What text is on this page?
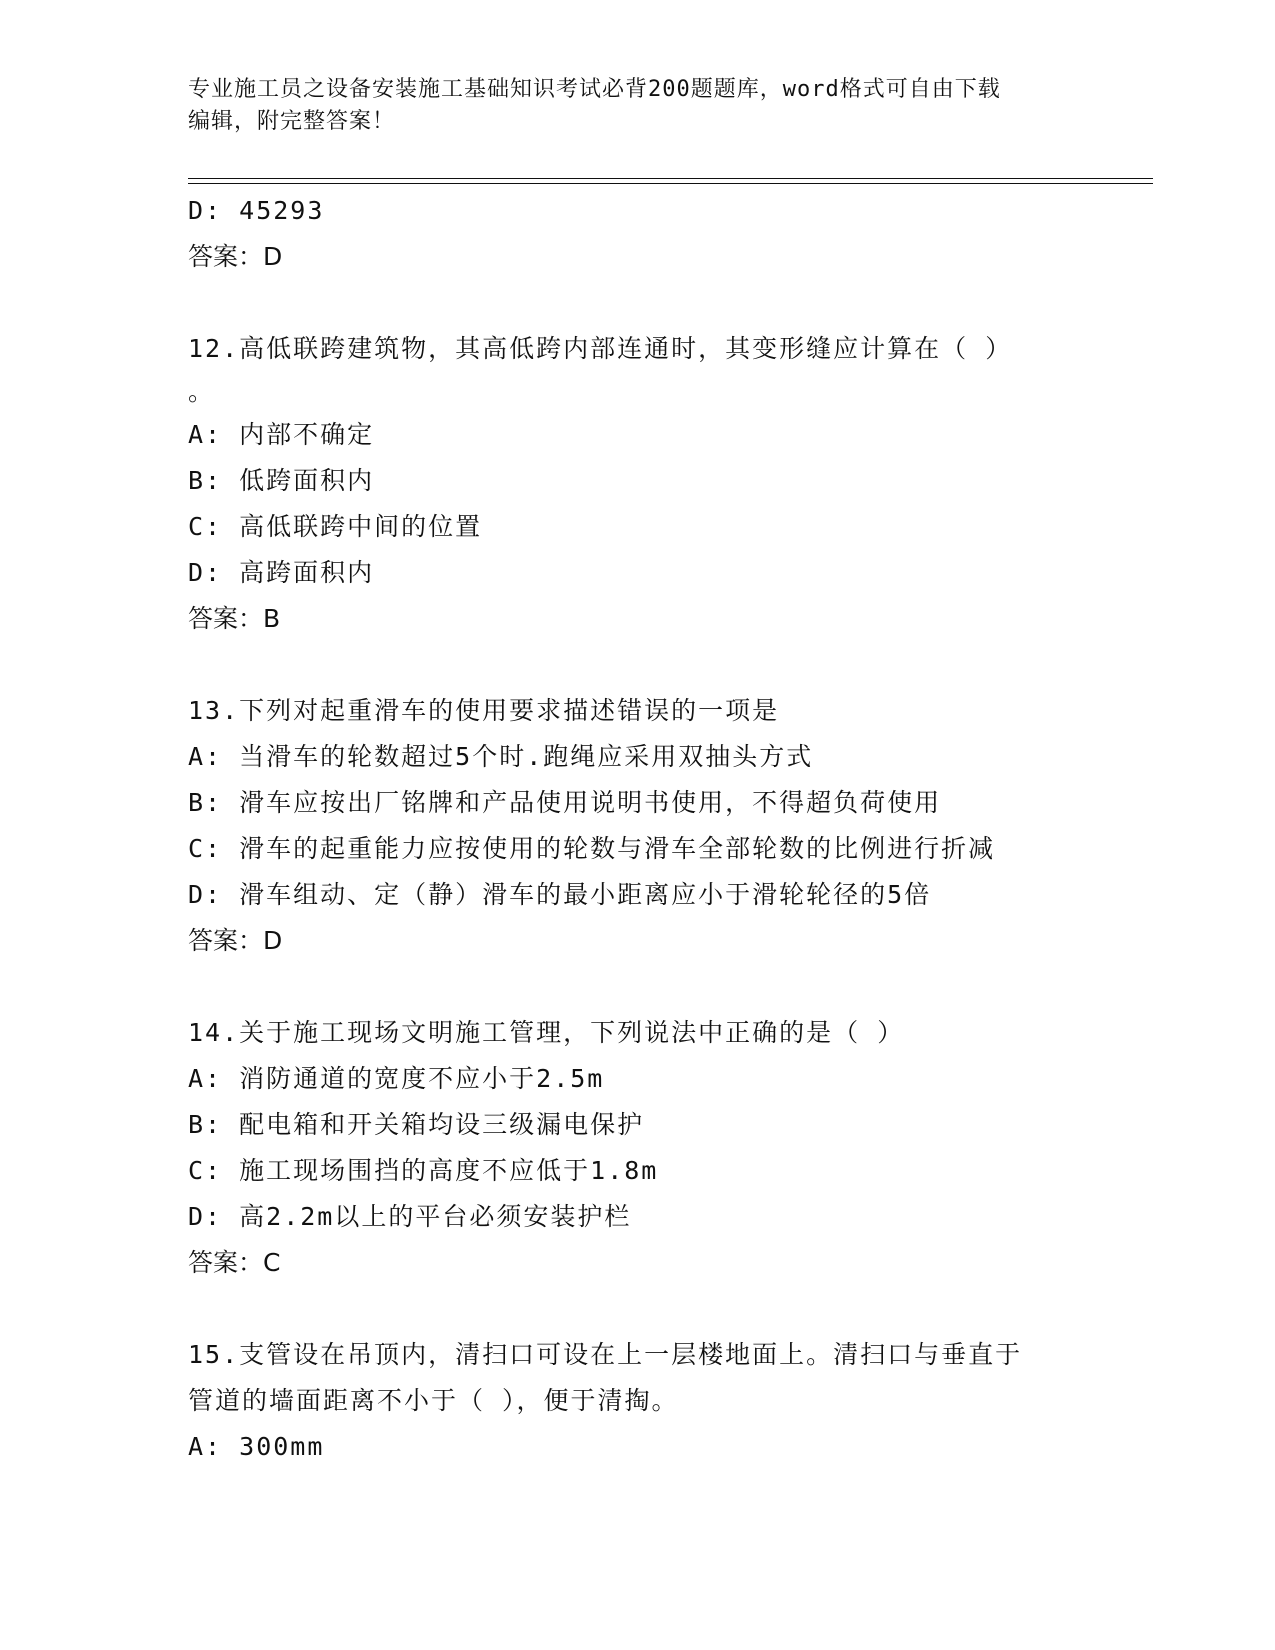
专业施工员之设备安装施工基础知识考试必背200题题库，word格式可自由下载
编辑，附完整答案！
D: 45293
答案：D
12.高低联跨建筑物，其高低跨内部连通时，其变形缝应计算在（ ）
。
A: 内部不确定
B: 低跨面积内
C: 高低联跨中间的位置
D: 高跨面积内
答案：B
13.下列对起重滑车的使用要求描述错误的一项是
A: 当滑车的轮数超过5个时.跑绳应采用双抽头方式
B: 滑车应按出厂铭牌和产品使用说明书使用，不得超负荷使用
C: 滑车的起重能力应按使用的轮数与滑车全部轮数的比例进行折减
D: 滑车组动、定（静）滑车的最小距离应小于滑轮轮径的5倍
答案：D
14.关于施工现场文明施工管理，下列说法中正确的是（ ）
A: 消防通道的宽度不应小于2.5m
B: 配电箱和开关箱均设三级漏电保护
C: 施工现场围挡的高度不应低于1.8m
D: 高2.2m以上的平台必须安装护栏
答案：C
15.支管设在吊顶内，清扫口可设在上一层楼地面上。清扫口与垂直于
管道的墙面距离不小于（ ），便于清掏。
A: 300mm
